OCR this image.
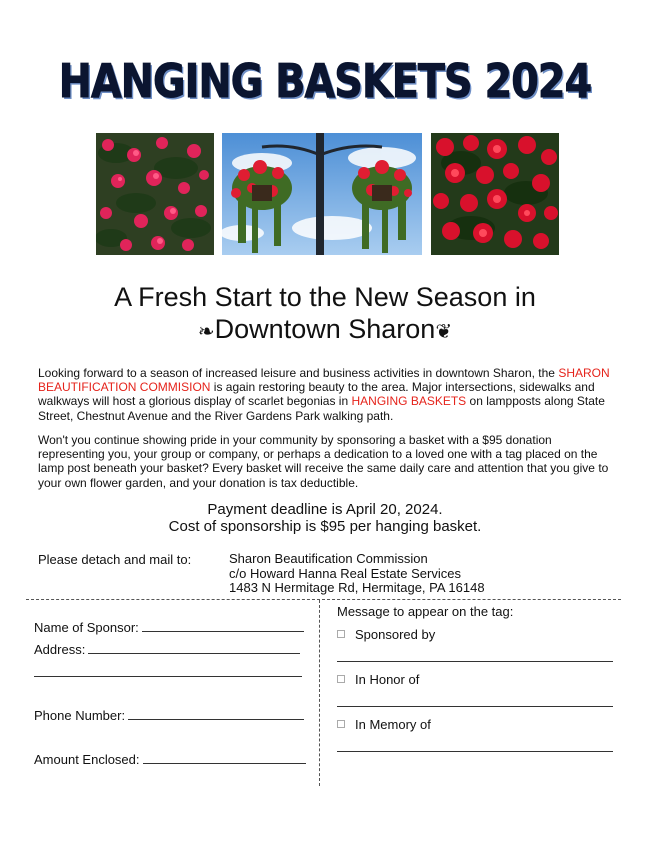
HANGING BASKETS 2024
A Fresh Start to the New Season in
❧Downtown Sharon❦
Looking forward to a season of increased leisure and business activities in downtown Sharon, the SHARON BEAUTIFICATION COMMISION is again restoring beauty to the area. Major intersections, sidewalks and walkways will host a glorious display of scarlet begonias in HANGING BASKETS on lampposts along State Street, Chestnut Avenue and the River Gardens Park walking path.
Won't you continue showing pride in your community by sponsoring a basket with a $95 donation representing you, your group or company, or perhaps a dedication to a loved one with a tag placed on the lamp post beneath your basket? Every basket will receive the same daily care and attention that you give to your own flower garden, and your donation is tax deductible.
Payment deadline is April 20, 2024.
Cost of sponsorship is $95 per hanging basket.
Please detach and mail to:	Sharon Beautification Commission
c/o Howard Hanna Real Estate Services
1483 N Hermitage Rd, Hermitage, PA 16148
Name of Sponsor:
Address:
Phone Number:
Amount Enclosed:
Message to appear on the tag:
Sponsored by
In Honor of
In Memory of
